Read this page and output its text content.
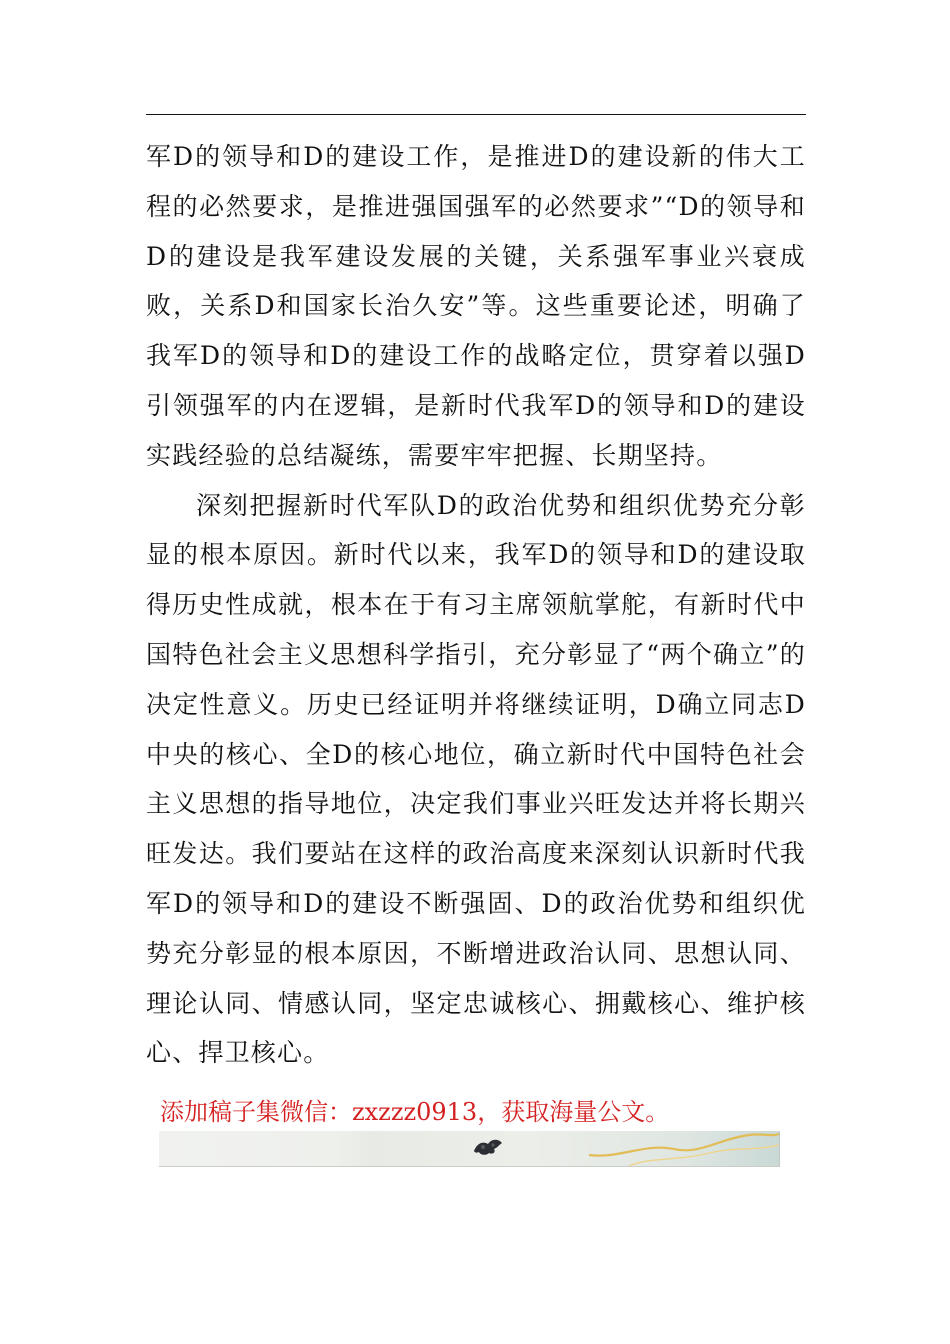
军D的领导和D的建设工作，是推进D的建设新的伟大工程的必然要求，是推进强国强军的必然要求”“D的领导和D的建设是我军建设发展的关键，关系强军事业兴衰成败，关系D和国家长治久安”等。这些重要论述，明确了我军D的领导和D的建设工作的战略定位，贯穿着以强D引领强军的内在逻辑，是新时代我军D的领导和D的建设实践经验的总结凝练，需要牢牢把握、长期坚持。

深刻把握新时代军队D的政治优势和组织优势充分彰显的根本原因。新时代以来，我军D的领导和D的建设取得历史性成就，根本在于有习主席领航掌舵，有新时代中国特色社会主义思想科学指引，充分彰显了“两个确立”的决定性意义。历史已经证明并将继续证明，D确立同志D中央的核心、全D的核心地位，确立新时代中国特色社会主义思想的指导地位，决定我们事业兴旺发达并将长期兴旺发达。我们要站在这样的政治高度来深刻认识新时代我军D的领导和D的建设不断强固、D的政治优势和组织优势充分彰显的根本原因，不断增进政治认同、思想认同、理论认同、情感认同，坚定忠诚核心、拥戴核心、维护核心、捍卫核心。

添加稿子集微信：zxzzz0913，获取海量公文。
